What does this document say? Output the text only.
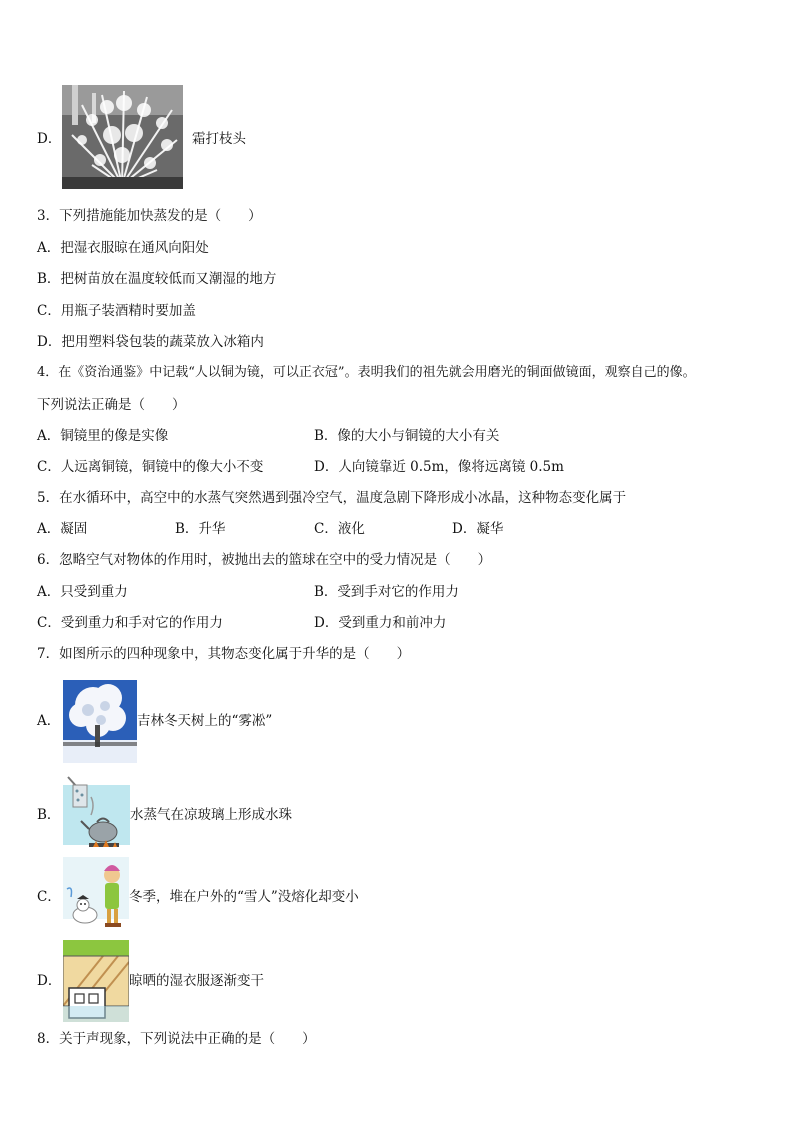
D．	霜打枝头
3．下列措施能加快蒸发的是（　　）
A．把湿衣服晾在通风向阳处
B．把树苗放在温度较低而又潮湿的地方
C．用瓶子装酒精时要加盖
D．把用塑料袋包装的蔬菜放入冰箱内
4．在《资治通鉴》中记载“人以铜为镜，可以正衣冠”。表明我们的祖先就会用磨光的铜面做镜面，观察自己的像。
下列说法正确是（　　）
A．铜镜里的像是实像	B．像的大小与铜镜的大小有关
C．人远离铜镜，铜镜中的像大小不变	D．人向镜靠近 0.5m，像将远离镜 0.5m
5．在水循环中，高空中的水蒸气突然遇到强冷空气，温度急剧下降形成小冰晶，这种物态变化属于
A．凝固	B．升华	C．液化	D．凝华
6．忽略空气对物体的作用时，被抛出去的篮球在空中的受力情况是（　　）
A．只受到重力	B．受到手对它的作用力
C．受到重力和手对它的作用力	D．受到重力和前冲力
7．如图所示的四种现象中，其物态变化属于升华的是（　　）
A．	吉林冬天树上的“雾凇”
B．	水蒸气在凉玻璃上形成水珠
C．	冬季，堆在户外的“雪人”没熔化却变小
D．	晾晒的湿衣服逐渐变干
8．关于声现象，下列说法中正确的是（　　）
